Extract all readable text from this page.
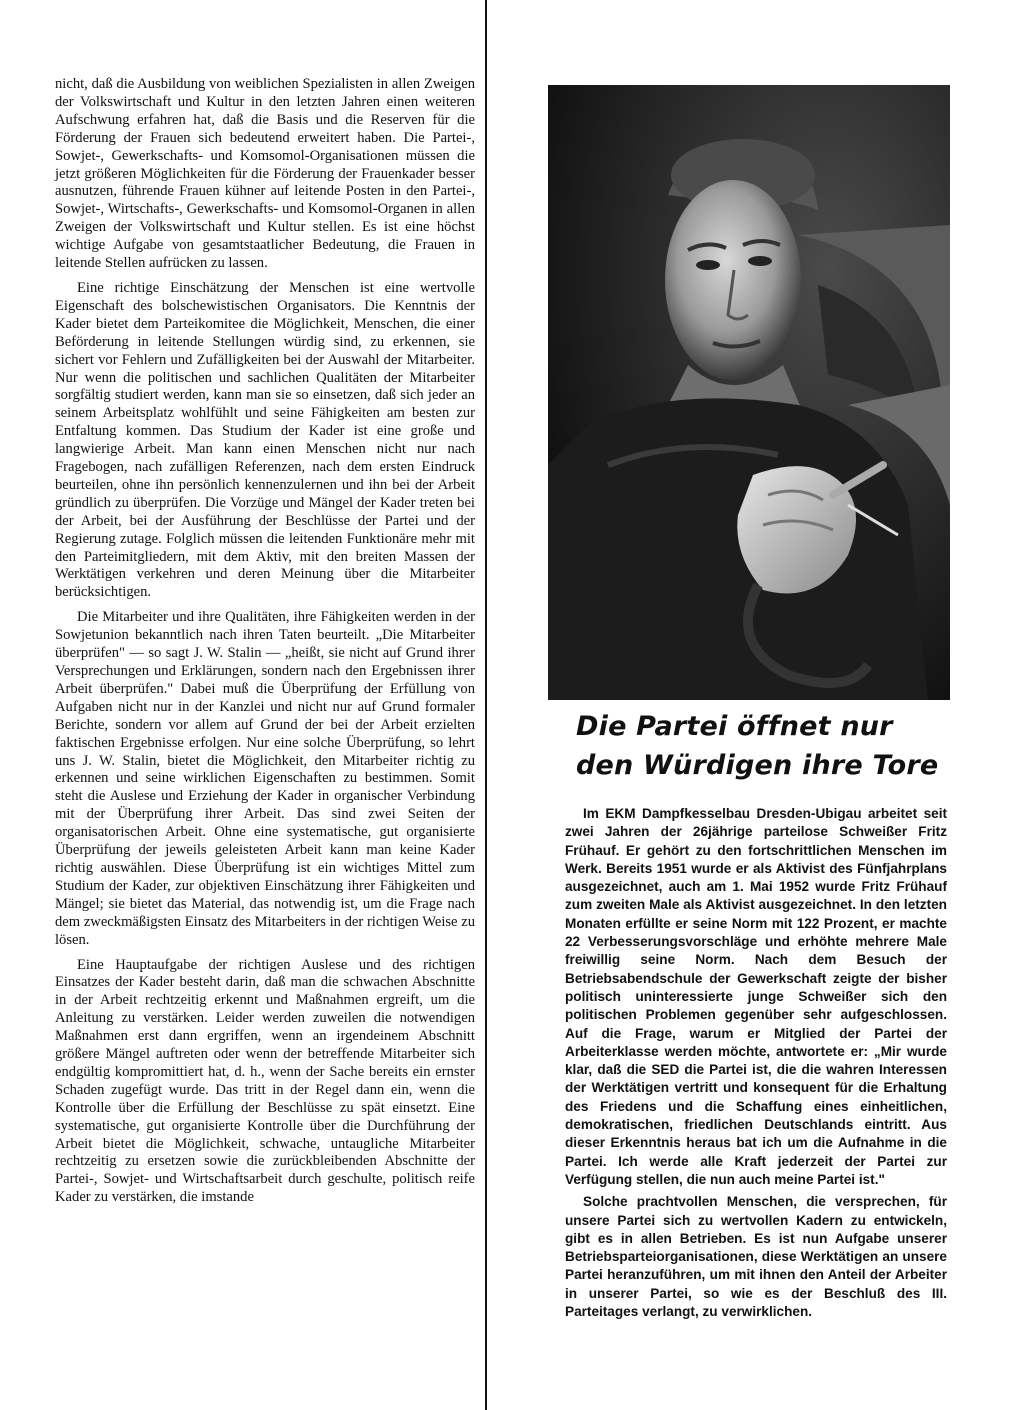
nicht, daß die Ausbildung von weiblichen Spezialisten in allen Zweigen der Volkswirtschaft und Kultur in den letzten Jahren einen weiteren Aufschwung erfahren hat, daß die Basis und die Reserven für die Förderung der Frauen sich bedeutend erweitert haben. Die Partei-, Sowjet-, Gewerkschafts- und Komsomol-Organisationen müssen die jetzt größeren Möglichkeiten für die Förderung der Frauenkader besser ausnutzen, führende Frauen kühner auf leitende Posten in den Partei-, Sowjet-, Wirtschafts-, Gewerkschafts- und Komsomol-Organen in allen Zweigen der Volkswirtschaft und Kultur stellen. Es ist eine höchst wichtige Aufgabe von gesamtstaatlicher Bedeutung, die Frauen in leitende Stellen aufrücken zu lassen.

Eine richtige Einschätzung der Menschen ist eine wertvolle Eigenschaft des bolschewistischen Organisators. Die Kenntnis der Kader bietet dem Parteikomitee die Möglichkeit, Menschen, die einer Beförderung in leitende Stellungen würdig sind, zu erkennen, sie sichert vor Fehlern und Zufälligkeiten bei der Auswahl der Mitarbeiter. Nur wenn die politischen und sachlichen Qualitäten der Mitarbeiter sorgfältig studiert werden, kann man sie so einsetzen, daß sich jeder an seinem Arbeitsplatz wohlfühlt und seine Fähigkeiten am besten zur Entfaltung kommen. Das Studium der Kader ist eine große und langwierige Arbeit. Man kann einen Menschen nicht nur nach Fragebogen, nach zufälligen Referenzen, nach dem ersten Eindruck beurteilen, ohne ihn persönlich kennenzulernen und ihn bei der Arbeit gründlich zu überprüfen. Die Vorzüge und Mängel der Kader treten bei der Arbeit, bei der Ausführung der Beschlüsse der Partei und der Regierung zutage. Folglich müssen die leitenden Funktionäre mehr mit den Parteimitgliedern, mit dem Aktiv, mit den breiten Massen der Werktätigen verkehren und deren Meinung über die Mitarbeiter berücksichtigen.

Die Mitarbeiter und ihre Qualitäten, ihre Fähigkeiten werden in der Sowjetunion bekanntlich nach ihren Taten beurteilt. „Die Mitarbeiter überprüfen" — so sagt J. W. Stalin — „heißt, sie nicht auf Grund ihrer Versprechungen und Erklärungen, sondern nach den Ergebnissen ihrer Arbeit überprüfen." Dabei muß die Überprüfung der Erfüllung von Aufgaben nicht nur in der Kanzlei und nicht nur auf Grund formaler Berichte, sondern vor allem auf Grund der bei der Arbeit erzielten faktischen Ergebnisse erfolgen. Nur eine solche Überprüfung, so lehrt uns J. W. Stalin, bietet die Möglichkeit, den Mitarbeiter richtig zu erkennen und seine wirklichen Eigenschaften zu bestimmen. Somit steht die Auslese und Erziehung der Kader in organischer Verbindung mit der Überprüfung ihrer Arbeit. Das sind zwei Seiten der organisatorischen Arbeit. Ohne eine systematische, gut organisierte Überprüfung der jeweils geleisteten Arbeit kann man keine Kader richtig auswählen. Diese Überprüfung ist ein wichtiges Mittel zum Studium der Kader, zur objektiven Einschätzung ihrer Fähigkeiten und Mängel; sie bietet das Material, das notwendig ist, um die Frage nach dem zweckmäßigsten Einsatz des Mitarbeiters in der richtigen Weise zu lösen.

Eine Hauptaufgabe der richtigen Auslese und des richtigen Einsatzes der Kader besteht darin, daß man die schwachen Abschnitte in der Arbeit rechtzeitig erkennt und Maßnahmen ergreift, um die Anleitung zu verstärken. Leider werden zuweilen die notwendigen Maßnahmen erst dann ergriffen, wenn an irgendeinem Abschnitt größere Mängel auftreten oder wenn der betreffende Mitarbeiter sich endgültig kompromittiert hat, d. h., wenn der Sache bereits ein ernster Schaden zugefügt wurde. Das tritt in der Regel dann ein, wenn die Kontrolle über die Erfüllung der Beschlüsse zu spät einsetzt. Eine systematische, gut organisierte Kontrolle über die Durchführung der Arbeit bietet die Möglichkeit, schwache, untaugliche Mitarbeiter rechtzeitig zu ersetzen sowie die zurückbleibenden Abschnitte der Partei-, Sowjet- und Wirtschaftsarbeit durch geschulte, politisch reife Kader zu verstärken, die imstande

Die Partei öffnet nur den Würdigen ihre Tore

Im EKM Dampfkesselbau Dresden-Ubigau arbeitet seit zwei Jahren der 26jährige parteilose Schweißer Fritz Frühauf. Er gehört zu den fortschrittlichen Menschen im Werk. Bereits 1951 wurde er als Aktivist des Fünfjahrplans ausgezeichnet, auch am 1. Mai 1952 wurde Fritz Frühauf zum zweiten Male als Aktivist ausgezeichnet. In den letzten Monaten erfüllte er seine Norm mit 122 Prozent, er machte 22 Verbesserungsvorschläge und erhöhte mehrere Male freiwillig seine Norm. Nach dem Besuch der Betriebsabendschule der Gewerkschaft zeigte der bisher politisch uninteressierte junge Schweißer sich den politischen Problemen gegenüber sehr aufgeschlossen. Auf die Frage, warum er Mitglied der Partei der Arbeiterklasse werden möchte, antwortete er: „Mir wurde klar, daß die SED die Partei ist, die die wahren Interessen der Werktätigen vertritt und konsequent für die Erhaltung des Friedens und die Schaffung eines einheitlichen, demokratischen, friedlichen Deutschlands eintritt. Aus dieser Erkenntnis heraus bat ich um die Aufnahme in die Partei. Ich werde alle Kraft jederzeit der Partei zur Verfügung stellen, die nun auch meine Partei ist."

Solche prachtvollen Menschen, die versprechen, für unsere Partei sich zu wertvollen Kadern zu entwickeln, gibt es in allen Betrieben. Es ist nun Aufgabe unserer Betriebsparteiorganisationen, diese Werktätigen an unsere Partei heranzuführen, um mit ihnen den Anteil der Arbeiter in unserer Partei, so wie es der Beschluß des III. Parteitages verlangt, zu verwirklichen.
